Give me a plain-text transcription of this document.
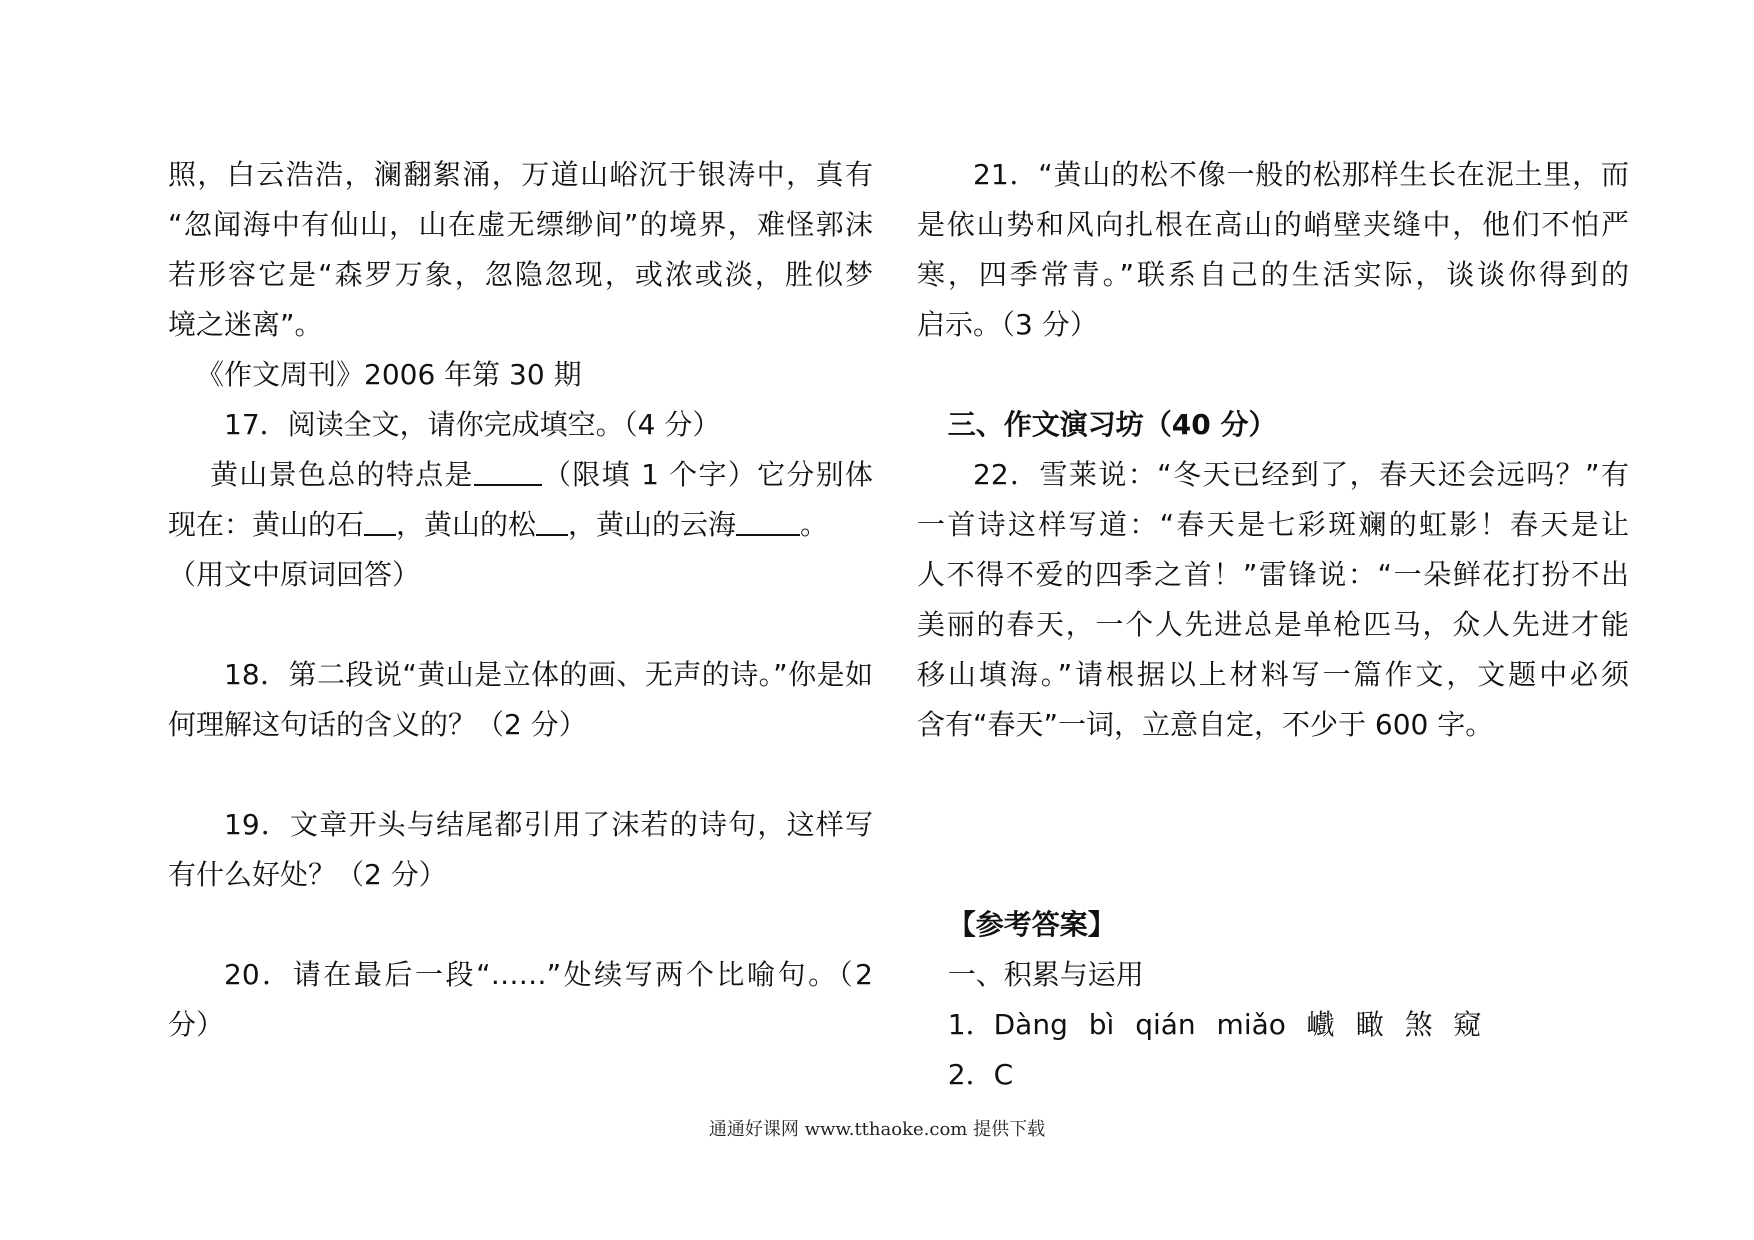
照，白云浩浩，澜翻絮涌，万道山峪沉于银涛中，真有

“忽闻海中有仙山，山在虚无缥缈间”的境界，难怪郭沫

若形容它是“森罗万象，忽隐忽现，或浓或淡，胜似梦

境之迷离”。

《作文周刊》2006 年第 30 期

17．阅读全文，请你完成填空。（4 分）

黄山景色总的特点是 （限填 1 个字）它分别体

现在：黄山的石 ，黄山的松 ，黄山的云海 。

（用文中原词回答）

18．第二段说“黄山是立体的画、无声的诗。”你是如

何理解这句话的含义的？（2 分）

19．文章开头与结尾都引用了沫若的诗句，这样写

有什么好处？（2 分）

20．请在最后一段“……”处续写两个比喻句。（2

分）

21．“黄山的松不像一般的松那样生长在泥土里，而

是依山势和风向扎根在高山的峭壁夹缝中，他们不怕严

寒，四季常青。”联系自己的生活实际，谈谈你得到的

启示。（3 分）

三、作文演习坊（40 分）

22．雪莱说：“冬天已经到了，春天还会远吗？”有

一首诗这样写道：“春天是七彩斑斓的虹影！春天是让

人不得不爱的四季之首！”雷锋说：“一朵鲜花打扮不出

美丽的春天，一个人先进总是单枪匹马，众人先进才能

移山填海。”请根据以上材料写一篇作文，文题中必须

含有“春天”一词，立意自定，不少于 600 字。

【参考答案】

一、积累与运用

1．Dàng bì qián miǎo 巇 瞰 煞 窥

2．C

通通好课网 www.tthaoke.com 提供下载
